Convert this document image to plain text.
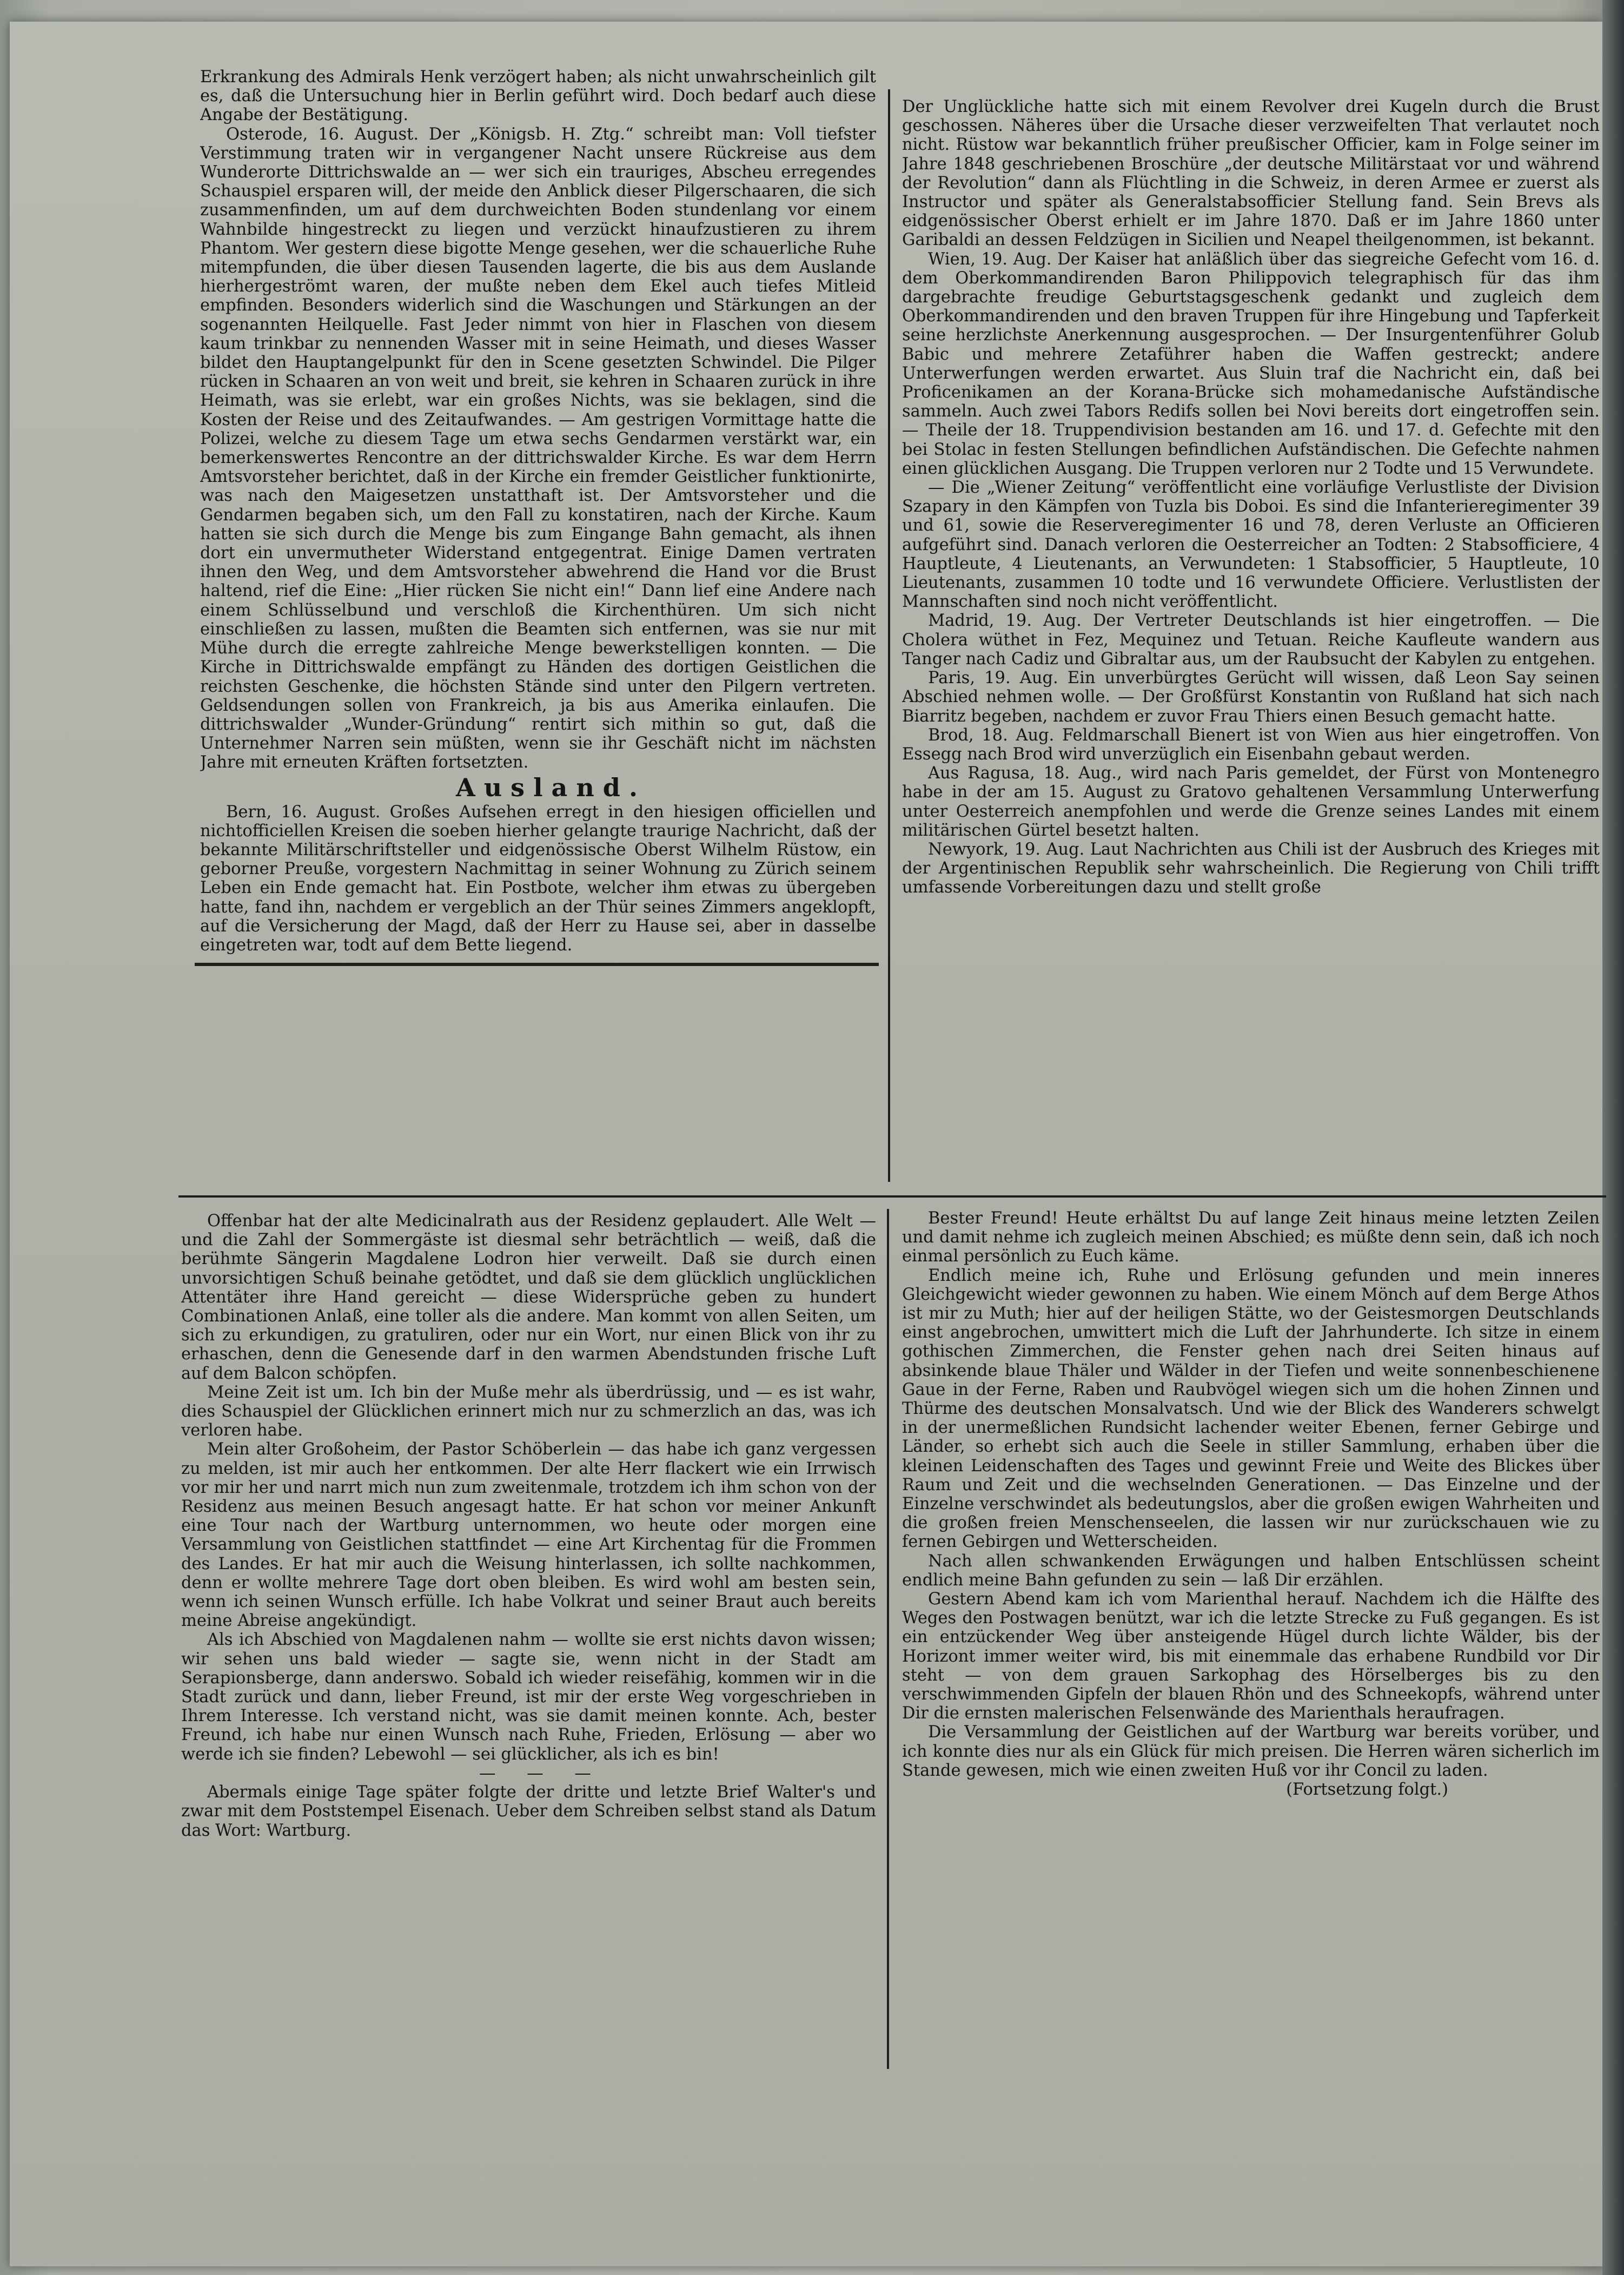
Erkrankung des Admirals Henk verzögert haben; als nicht unwahrscheinlich gilt es, daß die Untersuchung hier in Berlin geführt wird. Doch bedarf auch diese Angabe der Bestätigung.

Osterode, 16. August. Der „Königsb. H. Ztg.“ schreibt man: Voll tiefster Verstimmung traten wir in vergangener Nacht unsere Rückreise aus dem Wunderorte Dittrichswalde an — wer sich ein trauriges, Abscheu erregendes Schauspiel ersparen will, der meide den Anblick dieser Pilgerschaaren, die sich zusammenfinden, um auf dem durchweichten Boden stundenlang vor einem Wahnbilde hingestreckt zu liegen und verzückt hinaufzustieren zu ihrem Phantom. Wer gestern diese bigotte Menge gesehen, wer die schauerliche Ruhe mitempfunden, die über diesen Tausenden lagerte, die bis aus dem Auslande hierhergeströmt waren, der mußte neben dem Ekel auch tiefes Mitleid empfinden. Besonders widerlich sind die Waschungen und Stärkungen an der sogenannten Heilquelle. Fast Jeder nimmt von hier in Flaschen von diesem kaum trinkbar zu nennenden Wasser mit in seine Heimath, und dieses Wasser bildet den Hauptangelpunkt für den in Scene gesetzten Schwindel. Die Pilger rücken in Schaaren an von weit und breit, sie kehren in Schaaren zurück in ihre Heimath, was sie erlebt, war ein großes Nichts, was sie beklagen, sind die Kosten der Reise und des Zeitaufwandes. — Am gestrigen Vormittage hatte die Polizei, welche zu diesem Tage um etwa sechs Gendarmen verstärkt war, ein bemerkenswertes Rencontre an der dittrichswalder Kirche. Es war dem Herrn Amtsvorsteher berichtet, daß in der Kirche ein fremder Geistlicher funktionirte, was nach den Maigesetzen unstatthaft ist. Der Amtsvorsteher und die Gendarmen begaben sich, um den Fall zu konstatiren, nach der Kirche. Kaum hatten sie sich durch die Menge bis zum Eingange Bahn gemacht, als ihnen dort ein unvermutheter Widerstand entgegentrat. Einige Damen vertraten ihnen den Weg, und dem Amtsvorsteher abwehrend die Hand vor die Brust haltend, rief die Eine: „Hier rücken Sie nicht ein!“ Dann lief eine Andere nach einem Schlüsselbund und verschloß die Kirchenthüren. Um sich nicht einschließen zu lassen, mußten die Beamten sich entfernen, was sie nur mit Mühe durch die erregte zahlreiche Menge bewerkstelligen konnten. — Die Kirche in Dittrichswalde empfängt zu Händen des dortigen Geistlichen die reichsten Geschenke, die höchsten Stände sind unter den Pilgern vertreten. Geldsendungen sollen von Frankreich, ja bis aus Amerika einlaufen. Die dittrichswalder „Wunder-Gründung“ rentirt sich mithin so gut, daß die Unternehmer Narren sein müßten, wenn sie ihr Geschäft nicht im nächsten Jahre mit erneuten Kräften fortsetzten.

Ausland.

Bern, 16. August. Großes Aufsehen erregt in den hiesigen officiellen und nichtofficiellen Kreisen die soeben hierher gelangte traurige Nachricht, daß der bekannte Militärschriftsteller und eidgenössische Oberst Wilhelm Rüstow, ein geborner Preuße, vorgestern Nachmittag in seiner Wohnung zu Zürich seinem Leben ein Ende gemacht hat. Ein Postbote, welcher ihm etwas zu übergeben hatte, fand ihn, nachdem er vergeblich an der Thür seines Zimmers angeklopft, auf die Versicherung der Magd, daß der Herr zu Hause sei, aber in dasselbe eingetreten war, todt auf dem Bette liegend.

Der Unglückliche hatte sich mit einem Revolver drei Kugeln durch die Brust geschossen. Näheres über die Ursache dieser verzweifelten That verlautet noch nicht. Rüstow war bekanntlich früher preußischer Officier, kam in Folge seiner im Jahre 1848 geschriebenen Broschüre „der deutsche Militärstaat vor und während der Revolution“ dann als Flüchtling in die Schweiz, in deren Armee er zuerst als Instructor und später als Generalstabsofficier Stellung fand. Sein Brevs als eidgenössischer Oberst erhielt er im Jahre 1870. Daß er im Jahre 1860 unter Garibaldi an dessen Feldzügen in Sicilien und Neapel theilgenommen, ist bekannt.

Wien, 19. Aug. Der Kaiser hat anläßlich über das siegreiche Gefecht vom 16. d. dem Oberkommandirenden Baron Philippovich telegraphisch für das ihm dargebrachte freudige Geburtstagsgeschenk gedankt und zugleich dem Oberkommandirenden und den braven Truppen für ihre Hingebung und Tapferkeit seine herzlichste Anerkennung ausgesprochen. — Der Insurgentenführer Golub Babic und mehrere Zetaführer haben die Waffen gestreckt; andere Unterwerfungen werden erwartet. Aus Sluin traf die Nachricht ein, daß bei Proficenikamen an der Korana-Brücke sich mohamedanische Aufständische sammeln. Auch zwei Tabors Redifs sollen bei Novi bereits dort eingetroffen sein. — Theile der 18. Truppendivision bestanden am 16. und 17. d. Gefechte mit den bei Stolac in festen Stellungen befindlichen Aufständischen. Die Gefechte nahmen einen glücklichen Ausgang. Die Truppen verloren nur 2 Todte und 15 Verwundete.

— Die „Wiener Zeitung“ veröffentlicht eine vorläufige Verlustliste der Division Szapary in den Kämpfen von Tuzla bis Doboi. Es sind die Infanterieregimenter 39 und 61, sowie die Reserveregimenter 16 und 78, deren Verluste an Officieren aufgeführt sind. Danach verloren die Oesterreicher an Todten: 2 Stabsofficiere, 4 Hauptleute, 4 Lieutenants, an Verwundeten: 1 Stabsofficier, 5 Hauptleute, 10 Lieutenants, zusammen 10 todte und 16 verwundete Officiere. Verlustlisten der Mannschaften sind noch nicht veröffentlicht.

Madrid, 19. Aug. Der Vertreter Deutschlands ist hier eingetroffen. — Die Cholera wüthet in Fez, Mequinez und Tetuan. Reiche Kaufleute wandern aus Tanger nach Cadiz und Gibraltar aus, um der Raubsucht der Kabylen zu entgehen.

Paris, 19. Aug. Ein unverbürgtes Gerücht will wissen, daß Leon Say seinen Abschied nehmen wolle. — Der Großfürst Konstantin von Rußland hat sich nach Biarritz begeben, nachdem er zuvor Frau Thiers einen Besuch gemacht hatte.

Brod, 18. Aug. Feldmarschall Bienert ist von Wien aus hier eingetroffen. Von Essegg nach Brod wird unverzüglich ein Eisenbahn gebaut werden.

Aus Ragusa, 18. Aug., wird nach Paris gemeldet, der Fürst von Montenegro habe in der am 15. August zu Gratovo gehaltenen Versammlung Unterwerfung unter Oesterreich anempfohlen und werde die Grenze seines Landes mit einem militärischen Gürtel besetzt halten.

Newyork, 19. Aug. Laut Nachrichten aus Chili ist der Ausbruch des Krieges mit der Argentinischen Republik sehr wahrscheinlich. Die Regierung von Chili trifft umfassende Vorbereitungen dazu und stellt große

Offenbar hat der alte Medicinalrath aus der Residenz geplaudert. Alle Welt — und die Zahl der Sommergäste ist diesmal sehr beträchtlich — weiß, daß die berühmte Sängerin Magdalene Lodron hier verweilt. Daß sie durch einen unvorsichtigen Schuß beinahe getödtet, und daß sie dem glücklich unglücklichen Attentäter ihre Hand gereicht — diese Widersprüche geben zu hundert Combinationen Anlaß, eine toller als die andere. Man kommt von allen Seiten, um sich zu erkundigen, zu gratuliren, oder nur ein Wort, nur einen Blick von ihr zu erhaschen, denn die Genesende darf in den warmen Abendstunden frische Luft auf dem Balcon schöpfen.

Meine Zeit ist um. Ich bin der Muße mehr als überdrüssig, und — es ist wahr, dies Schauspiel der Glücklichen erinnert mich nur zu schmerzlich an das, was ich verloren habe.

Mein alter Großoheim, der Pastor Schöberlein — das habe ich ganz vergessen zu melden, ist mir auch her entkommen. Der alte Herr flackert wie ein Irrwisch vor mir her und narrt mich nun zum zweitenmale, trotzdem ich ihm schon von der Residenz aus meinen Besuch angesagt hatte. Er hat schon vor meiner Ankunft eine Tour nach der Wartburg unternommen, wo heute oder morgen eine Versammlung von Geistlichen stattfindet — eine Art Kirchentag für die Frommen des Landes. Er hat mir auch die Weisung hinterlassen, ich sollte nachkommen, denn er wollte mehrere Tage dort oben bleiben. Es wird wohl am besten sein, wenn ich seinen Wunsch erfülle. Ich habe Volkrat und seiner Braut auch bereits meine Abreise angekündigt.

Als ich Abschied von Magdalenen nahm — wollte sie erst nichts davon wissen; wir sehen uns bald wieder — sagte sie, wenn nicht in der Stadt am Serapionsberge, dann anderswo. Sobald ich wieder reisefähig, kommen wir in die Stadt zurück und dann, lieber Freund, ist mir der erste Weg vorgeschrieben in Ihrem Interesse. Ich verstand nicht, was sie damit meinen konnte. Ach, bester Freund, ich habe nur einen Wunsch nach Ruhe, Frieden, Erlösung — aber wo werde ich sie finden? Lebewohl — sei glücklicher, als ich es bin!

— — —

Abermals einige Tage später folgte der dritte und letzte Brief Walter's und zwar mit dem Poststempel Eisenach. Ueber dem Schreiben selbst stand als Datum das Wort: Wartburg.

Bester Freund! Heute erhältst Du auf lange Zeit hinaus meine letzten Zeilen und damit nehme ich zugleich meinen Abschied; es müßte denn sein, daß ich noch einmal persönlich zu Euch käme.

Endlich meine ich, Ruhe und Erlösung gefunden und mein inneres Gleichgewicht wieder gewonnen zu haben. Wie einem Mönch auf dem Berge Athos ist mir zu Muth; hier auf der heiligen Stätte, wo der Geistesmorgen Deutschlands einst angebrochen, umwittert mich die Luft der Jahrhunderte. Ich sitze in einem gothischen Zimmerchen, die Fenster gehen nach drei Seiten hinaus auf absinkende blaue Thäler und Wälder in der Tiefen und weite sonnenbeschienene Gaue in der Ferne, Raben und Raubvögel wiegen sich um die hohen Zinnen und Thürme des deutschen Monsalvatsch. Und wie der Blick des Wanderers schwelgt in der unermeßlichen Rundsicht lachender weiter Ebenen, ferner Gebirge und Länder, so erhebt sich auch die Seele in stiller Sammlung, erhaben über die kleinen Leidenschaften des Tages und gewinnt Freie und Weite des Blickes über Raum und Zeit und die wechselnden Generationen. — Das Einzelne und der Einzelne verschwindet als bedeutungslos, aber die großen ewigen Wahrheiten und die großen freien Menschenseelen, die lassen wir nur zurückschauen wie zu fernen Gebirgen und Wetterscheiden.

Nach allen schwankenden Erwägungen und halben Entschlüssen scheint endlich meine Bahn gefunden zu sein — laß Dir erzählen.

Gestern Abend kam ich vom Marienthal herauf. Nachdem ich die Hälfte des Weges den Postwagen benützt, war ich die letzte Strecke zu Fuß gegangen. Es ist ein entzückender Weg über ansteigende Hügel durch lichte Wälder, bis der Horizont immer weiter wird, bis mit einemmale das erhabene Rundbild vor Dir steht — von dem grauen Sarkophag des Hörselberges bis zu den verschwimmenden Gipfeln der blauen Rhön und des Schneekopfs, während unter Dir die ernsten malerischen Felsenwände des Marienthals heraufragen.

Die Versammlung der Geistlichen auf der Wartburg war bereits vorüber, und ich konnte dies nur als ein Glück für mich preisen. Die Herren wären sicherlich im Stande gewesen, mich wie einen zweiten Huß vor ihr Concil zu laden.

(Fortsetzung folgt.)
